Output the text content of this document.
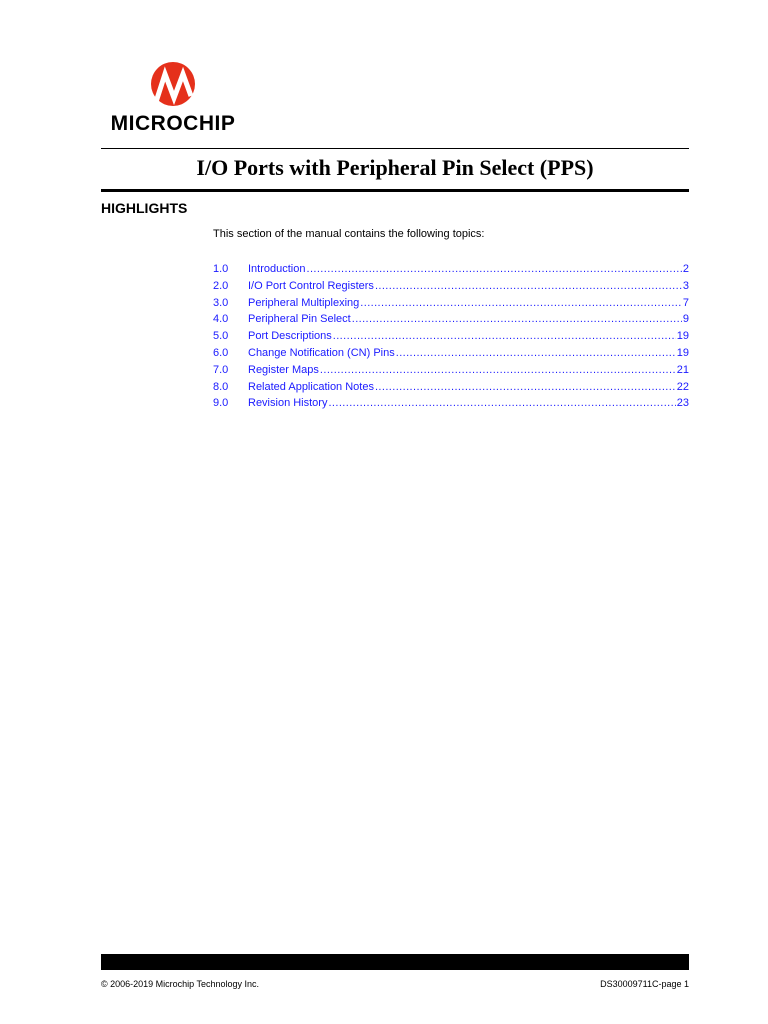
MICROCHIP
I/O Ports with Peripheral Pin Select (PPS)
HIGHLIGHTS
This section of the manual contains the following topics:
1.0	Introduction .....	2
2.0	I/O Port Control Registers .....	3
3.0	Peripheral Multiplexing .....	7
4.0	Peripheral Pin Select .....	9
5.0	Port Descriptions .....	19
6.0	Change Notification (CN) Pins .....	19
7.0	Register Maps .....	21
8.0	Related Application Notes .....	22
9.0	Revision History .....	23
© 2006-2019 Microchip Technology Inc.	DS30009711C-page 1
